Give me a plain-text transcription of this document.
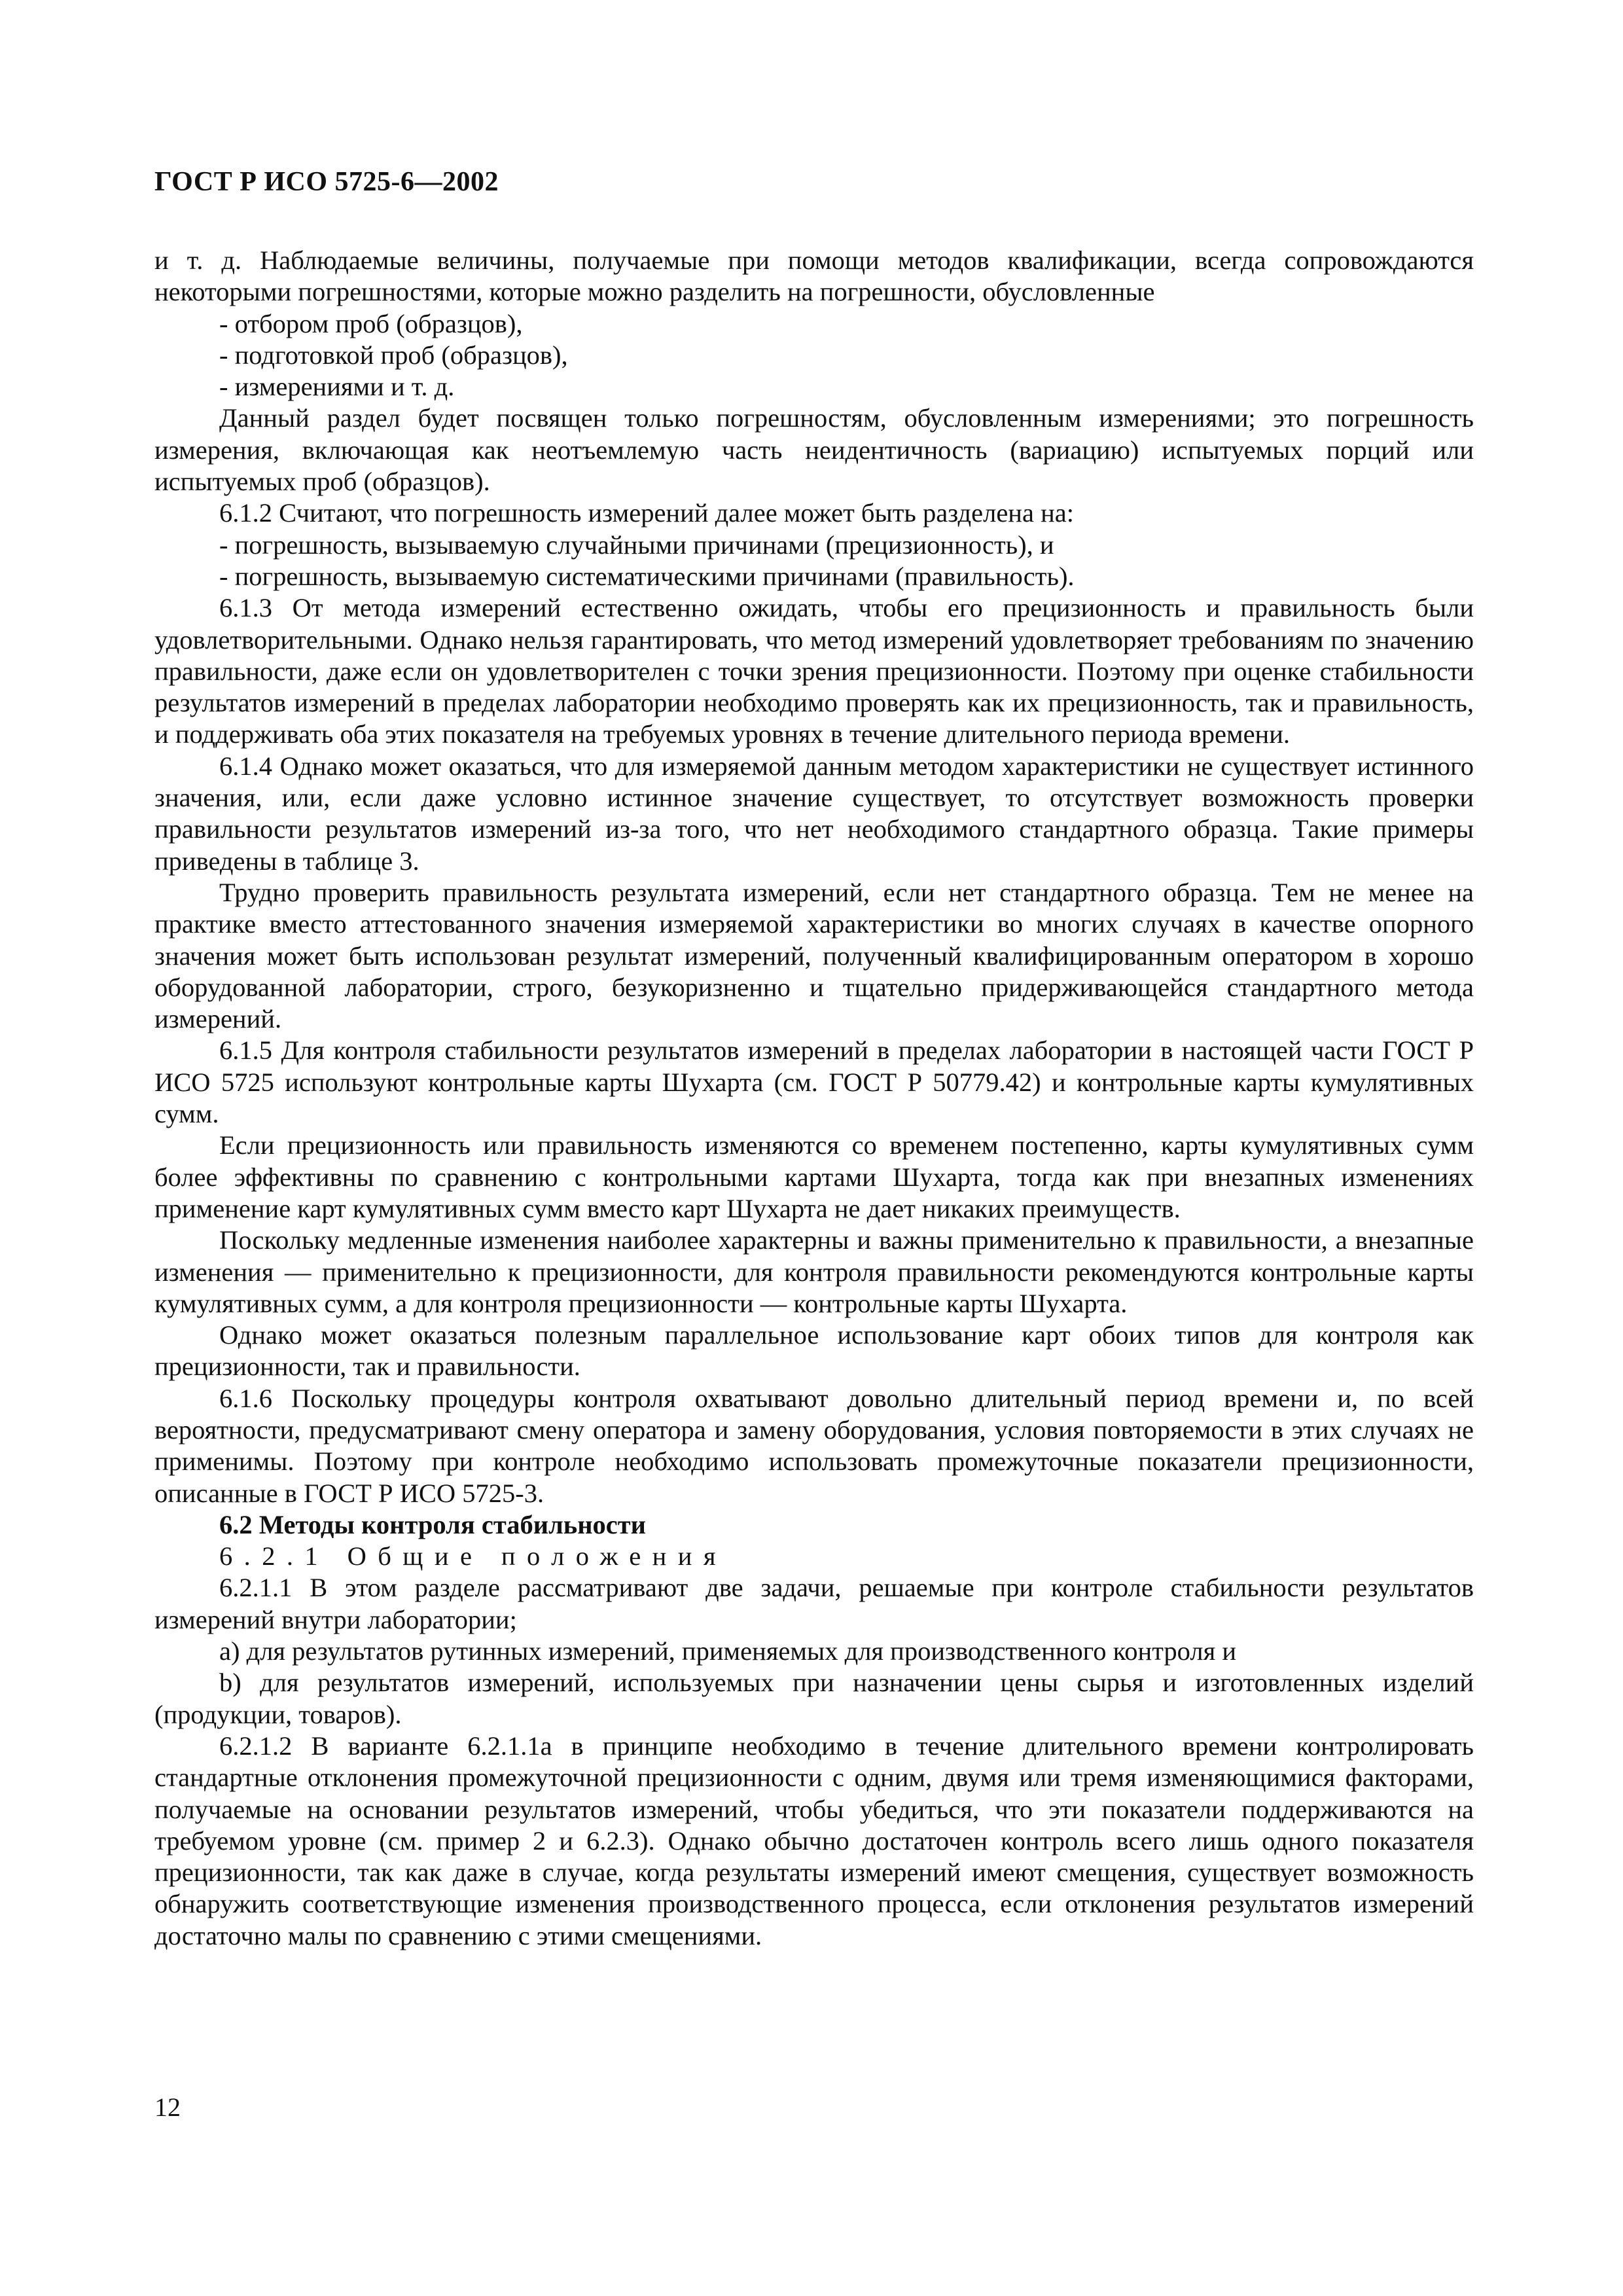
ГОСТ Р ИСО 5725-6—2002

и т. д. Наблюдаемые величины, получаемые при помощи методов квалификации, всегда сопровождаются некоторыми погрешностями, которые можно разделить на погрешности, обусловленные

- отбором проб (образцов),

- подготовкой проб (образцов),

- измерениями и т. д.

Данный раздел будет посвящен только погрешностям, обусловленным измерениями; это погрешность измерения, включающая как неотъемлемую часть неидентичность (вариацию) испытуемых порций или испытуемых проб (образцов).

6.1.2 Считают, что погрешность измерений далее может быть разделена на:

- погрешность, вызываемую случайными причинами (прецизионность), и

- погрешность, вызываемую систематическими причинами (правильность).

6.1.3 От метода измерений естественно ожидать, чтобы его прецизионность и правильность были удовлетворительными. Однако нельзя гарантировать, что метод измерений удовлетворяет требованиям по значению правильности, даже если он удовлетворителен с точки зрения прецизионности. Поэтому при оценке стабильности результатов измерений в пределах лаборатории необходимо проверять как их прецизионность, так и правильность, и поддерживать оба этих показателя на требуемых уровнях в течение длительного периода времени.

6.1.4 Однако может оказаться, что для измеряемой данным методом характеристики не существует истинного значения, или, если даже условно истинное значение существует, то отсутствует возможность проверки правильности результатов измерений из-за того, что нет необходимого стандартного образца. Такие примеры приведены в таблице 3.

Трудно проверить правильность результата измерений, если нет стандартного образца. Тем не менее на практике вместо аттестованного значения измеряемой характеристики во многих случаях в качестве опорного значения может быть использован результат измерений, полученный квалифицированным оператором в хорошо оборудованной лаборатории, строго, безукоризненно и тщательно придерживающейся стандартного метода измерений.

6.1.5 Для контроля стабильности результатов измерений в пределах лаборатории в настоящей части ГОСТ Р ИСО 5725 используют контрольные карты Шухарта (см. ГОСТ Р 50779.42) и контрольные карты кумулятивных сумм.

Если прецизионность или правильность изменяются со временем постепенно, карты кумулятивных сумм более эффективны по сравнению с контрольными картами Шухарта, тогда как при внезапных изменениях применение карт кумулятивных сумм вместо карт Шухарта не дает никаких преимуществ.

Поскольку медленные изменения наиболее характерны и важны применительно к правильности, а внезапные изменения — применительно к прецизионности, для контроля правильности рекомендуются контрольные карты кумулятивных сумм, а для контроля прецизионности — контрольные карты Шухарта.

Однако может оказаться полезным параллельное использование карт обоих типов для контроля как прецизионности, так и правильности.

6.1.6 Поскольку процедуры контроля охватывают довольно длительный период времени и, по всей вероятности, предусматривают смену оператора и замену оборудования, условия повторяемости в этих случаях не применимы. Поэтому при контроле необходимо использовать промежуточные показатели прецизионности, описанные в ГОСТ Р ИСО 5725-3.

6.2 Методы контроля стабильности

6.2.1 Общие положения

6.2.1.1 В этом разделе рассматривают две задачи, решаемые при контроле стабильности результатов измерений внутри лаборатории;

a) для результатов рутинных измерений, применяемых для производственного контроля и

b) для результатов измерений, используемых при назначении цены сырья и изготовленных изделий (продукции, товаров).

6.2.1.2 В варианте 6.2.1.1a в принципе необходимо в течение длительного времени контролировать стандартные отклонения промежуточной прецизионности с одним, двумя или тремя изменяющимися факторами, получаемые на основании результатов измерений, чтобы убедиться, что эти показатели поддерживаются на требуемом уровне (см. пример 2 и 6.2.3). Однако обычно достаточен контроль всего лишь одного показателя прецизионности, так как даже в случае, когда результаты измерений имеют смещения, существует возможность обнаружить соответствующие изменения производственного процесса, если отклонения результатов измерений достаточно малы по сравнению с этими смещениями.

12
